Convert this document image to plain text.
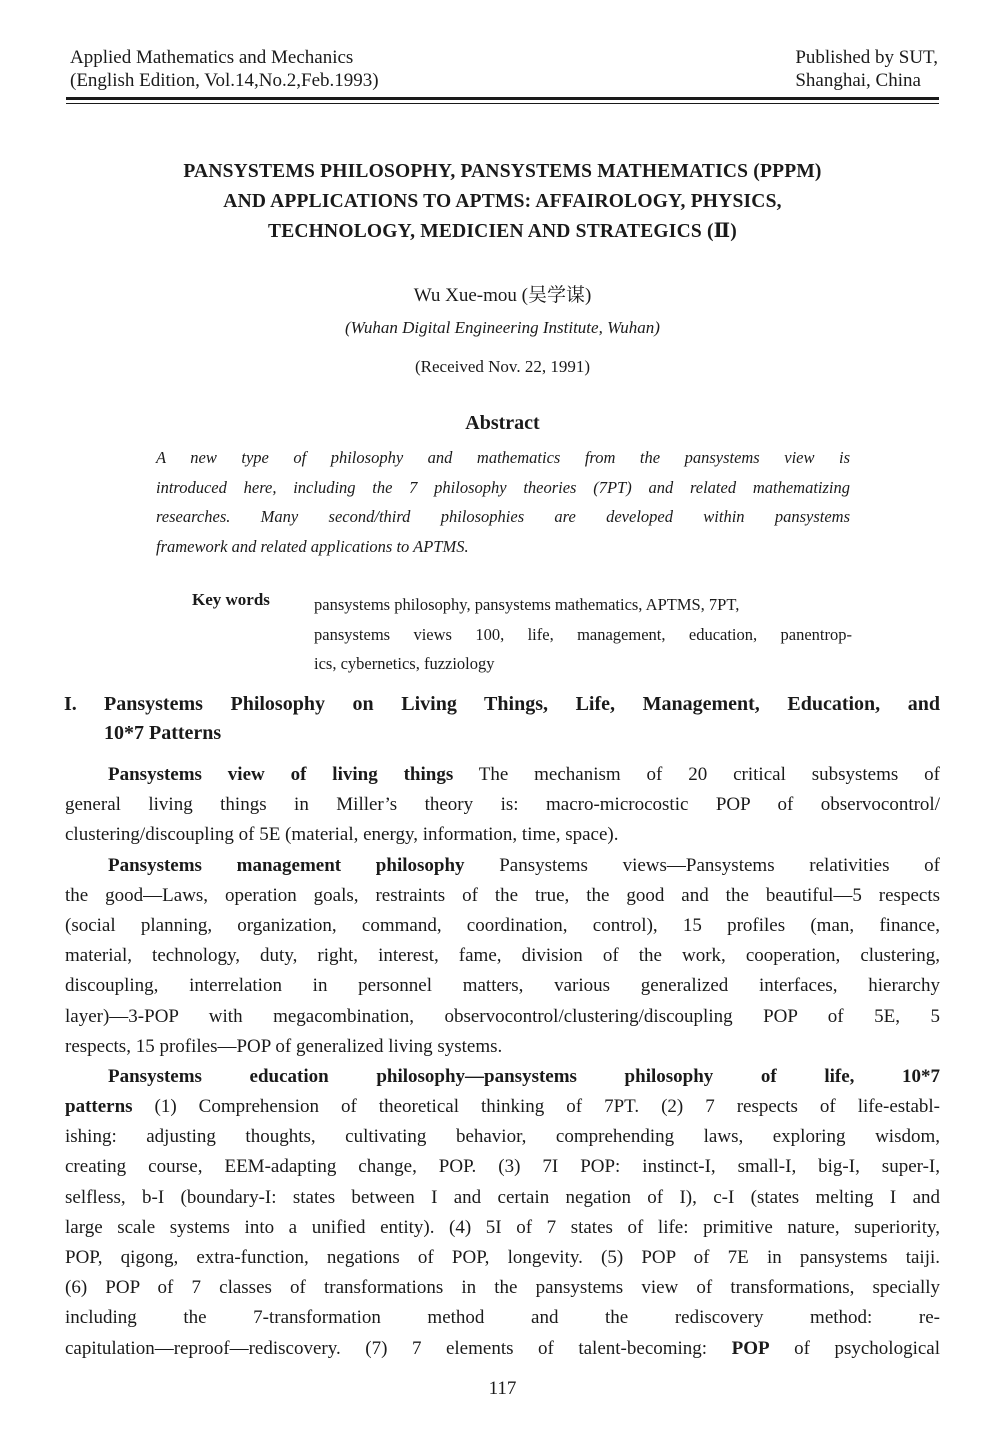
Applied Mathematics and Mechanics
(English Edition, Vol.14,No.2,Feb.1993)
Published by SUT,
Shanghai, China
PANSYSTEMS PHILOSOPHY, PANSYSTEMS MATHEMATICS (PPPM)
AND APPLICATIONS TO APTMS: AFFAIROLOGY, PHYSICS,
TECHNOLOGY, MEDICIEN AND STRATEGICS (Ⅱ)
Wu Xue-mou (吴学谋)
(Wuhan Digital Engineering Institute, Wuhan)
(Received Nov. 22, 1991)
Abstract
A new type of philosophy and mathematics from the pansystems view is
introduced here, including the 7 philosophy theories (7PT) and related mathematizing
researches. Many second/third philosophies are developed within pansystems
framework and related applications to APTMS.
Key words	pansystems philosophy, pansystems mathematics, APTMS, 7PT,
pansystems views 100, life, management, education, panentrop-
ics, cybernetics, fuzziology
I. Pansystems Philosophy on Living Things, Life, Management, Education, and
10*7 Patterns
Pansystems view of living things The mechanism of 20 critical subsystems of
general living things in Miller’s theory is: macro-microcostic POP of observocontrol/
clustering/discoupling of 5E (material, energy, information, time, space).
Pansystems management philosophy Pansystems views—Pansystems relativities of
the good—Laws, operation goals, restraints of the true, the good and the beautiful—5 respects
(social planning, organization, command, coordination, control), 15 profiles (man, finance,
material, technology, duty, right, interest, fame, division of the work, cooperation, clustering,
discoupling, interrelation in personnel matters, various generalized interfaces, hierarchy
layer)—3-POP with megacombination, observocontrol/clustering/discoupling POP of 5E, 5
respects, 15 profiles—POP of generalized living systems.
Pansystems education philosophy—pansystems philosophy of life, 10*7
patterns (1) Comprehension of theoretical thinking of 7PT. (2) 7 respects of life-establ-
ishing: adjusting thoughts, cultivating behavior, comprehending laws, exploring wisdom,
creating course, EEM-adapting change, POP. (3) 7I POP: instinct-I, small-I, big-I, super-I,
selfless, b-I (boundary-I: states between I and certain negation of I), c-I (states melting I and
large scale systems into a unified entity). (4) 5I of 7 states of life: primitive nature, superiority,
POP, qigong, extra-function, negations of POP, longevity. (5) POP of 7E in pansystems taiji.
(6) POP of 7 classes of transformations in the pansystems view of transformations, specially
including the 7-transformation method and the rediscovery method: re-
capitulation—reproof—rediscovery. (7) 7 elements of talent-becoming: POP of psychological
117
